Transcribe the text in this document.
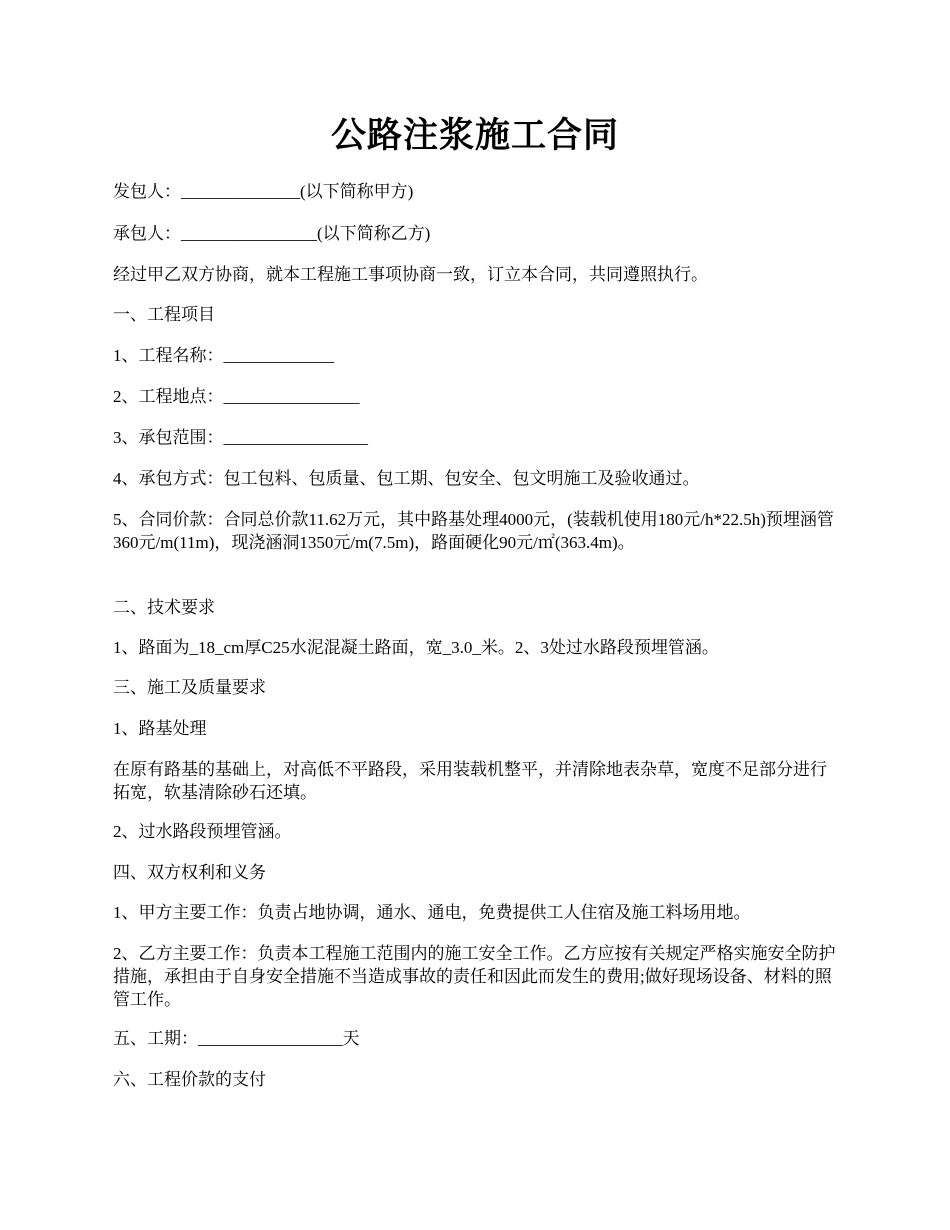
公路注浆施工合同

发包人：______________(以下简称甲方)

承包人：________________(以下简称乙方)

经过甲乙双方协商，就本工程施工事项协商一致，订立本合同，共同遵照执行。

一、工程项目

1、工程名称：_____________

2、工程地点：________________

3、承包范围：_________________

4、承包方式：包工包料、包质量、包工期、包安全、包文明施工及验收通过。

5、合同价款：合同总价款11.62万元，其中路基处理4000元，(装载机使用180元/h*22.5h)预埋涵管360元/m(11m)，现浇涵洞1350元/m(7.5m)，路面硬化90元/㎡(363.4m)。

二、技术要求

1、路面为_18_cm厚C25水泥混凝土路面，宽_3.0_米。2、3处过水路段预埋管涵。

三、施工及质量要求

1、路基处理

在原有路基的基础上，对高低不平路段，采用装载机整平，并清除地表杂草，宽度不足部分进行拓宽，软基清除砂石还填。

2、过水路段预埋管涵。

四、双方权利和义务

1、甲方主要工作：负责占地协调，通水、通电，免费提供工人住宿及施工料场用地。

2、乙方主要工作：负责本工程施工范围内的施工安全工作。乙方应按有关规定严格实施安全防护措施，承担由于自身安全措施不当造成事故的责任和因此而发生的费用;做好现场设备、材料的照管工作。

五、工期：_________________天

六、工程价款的支付
